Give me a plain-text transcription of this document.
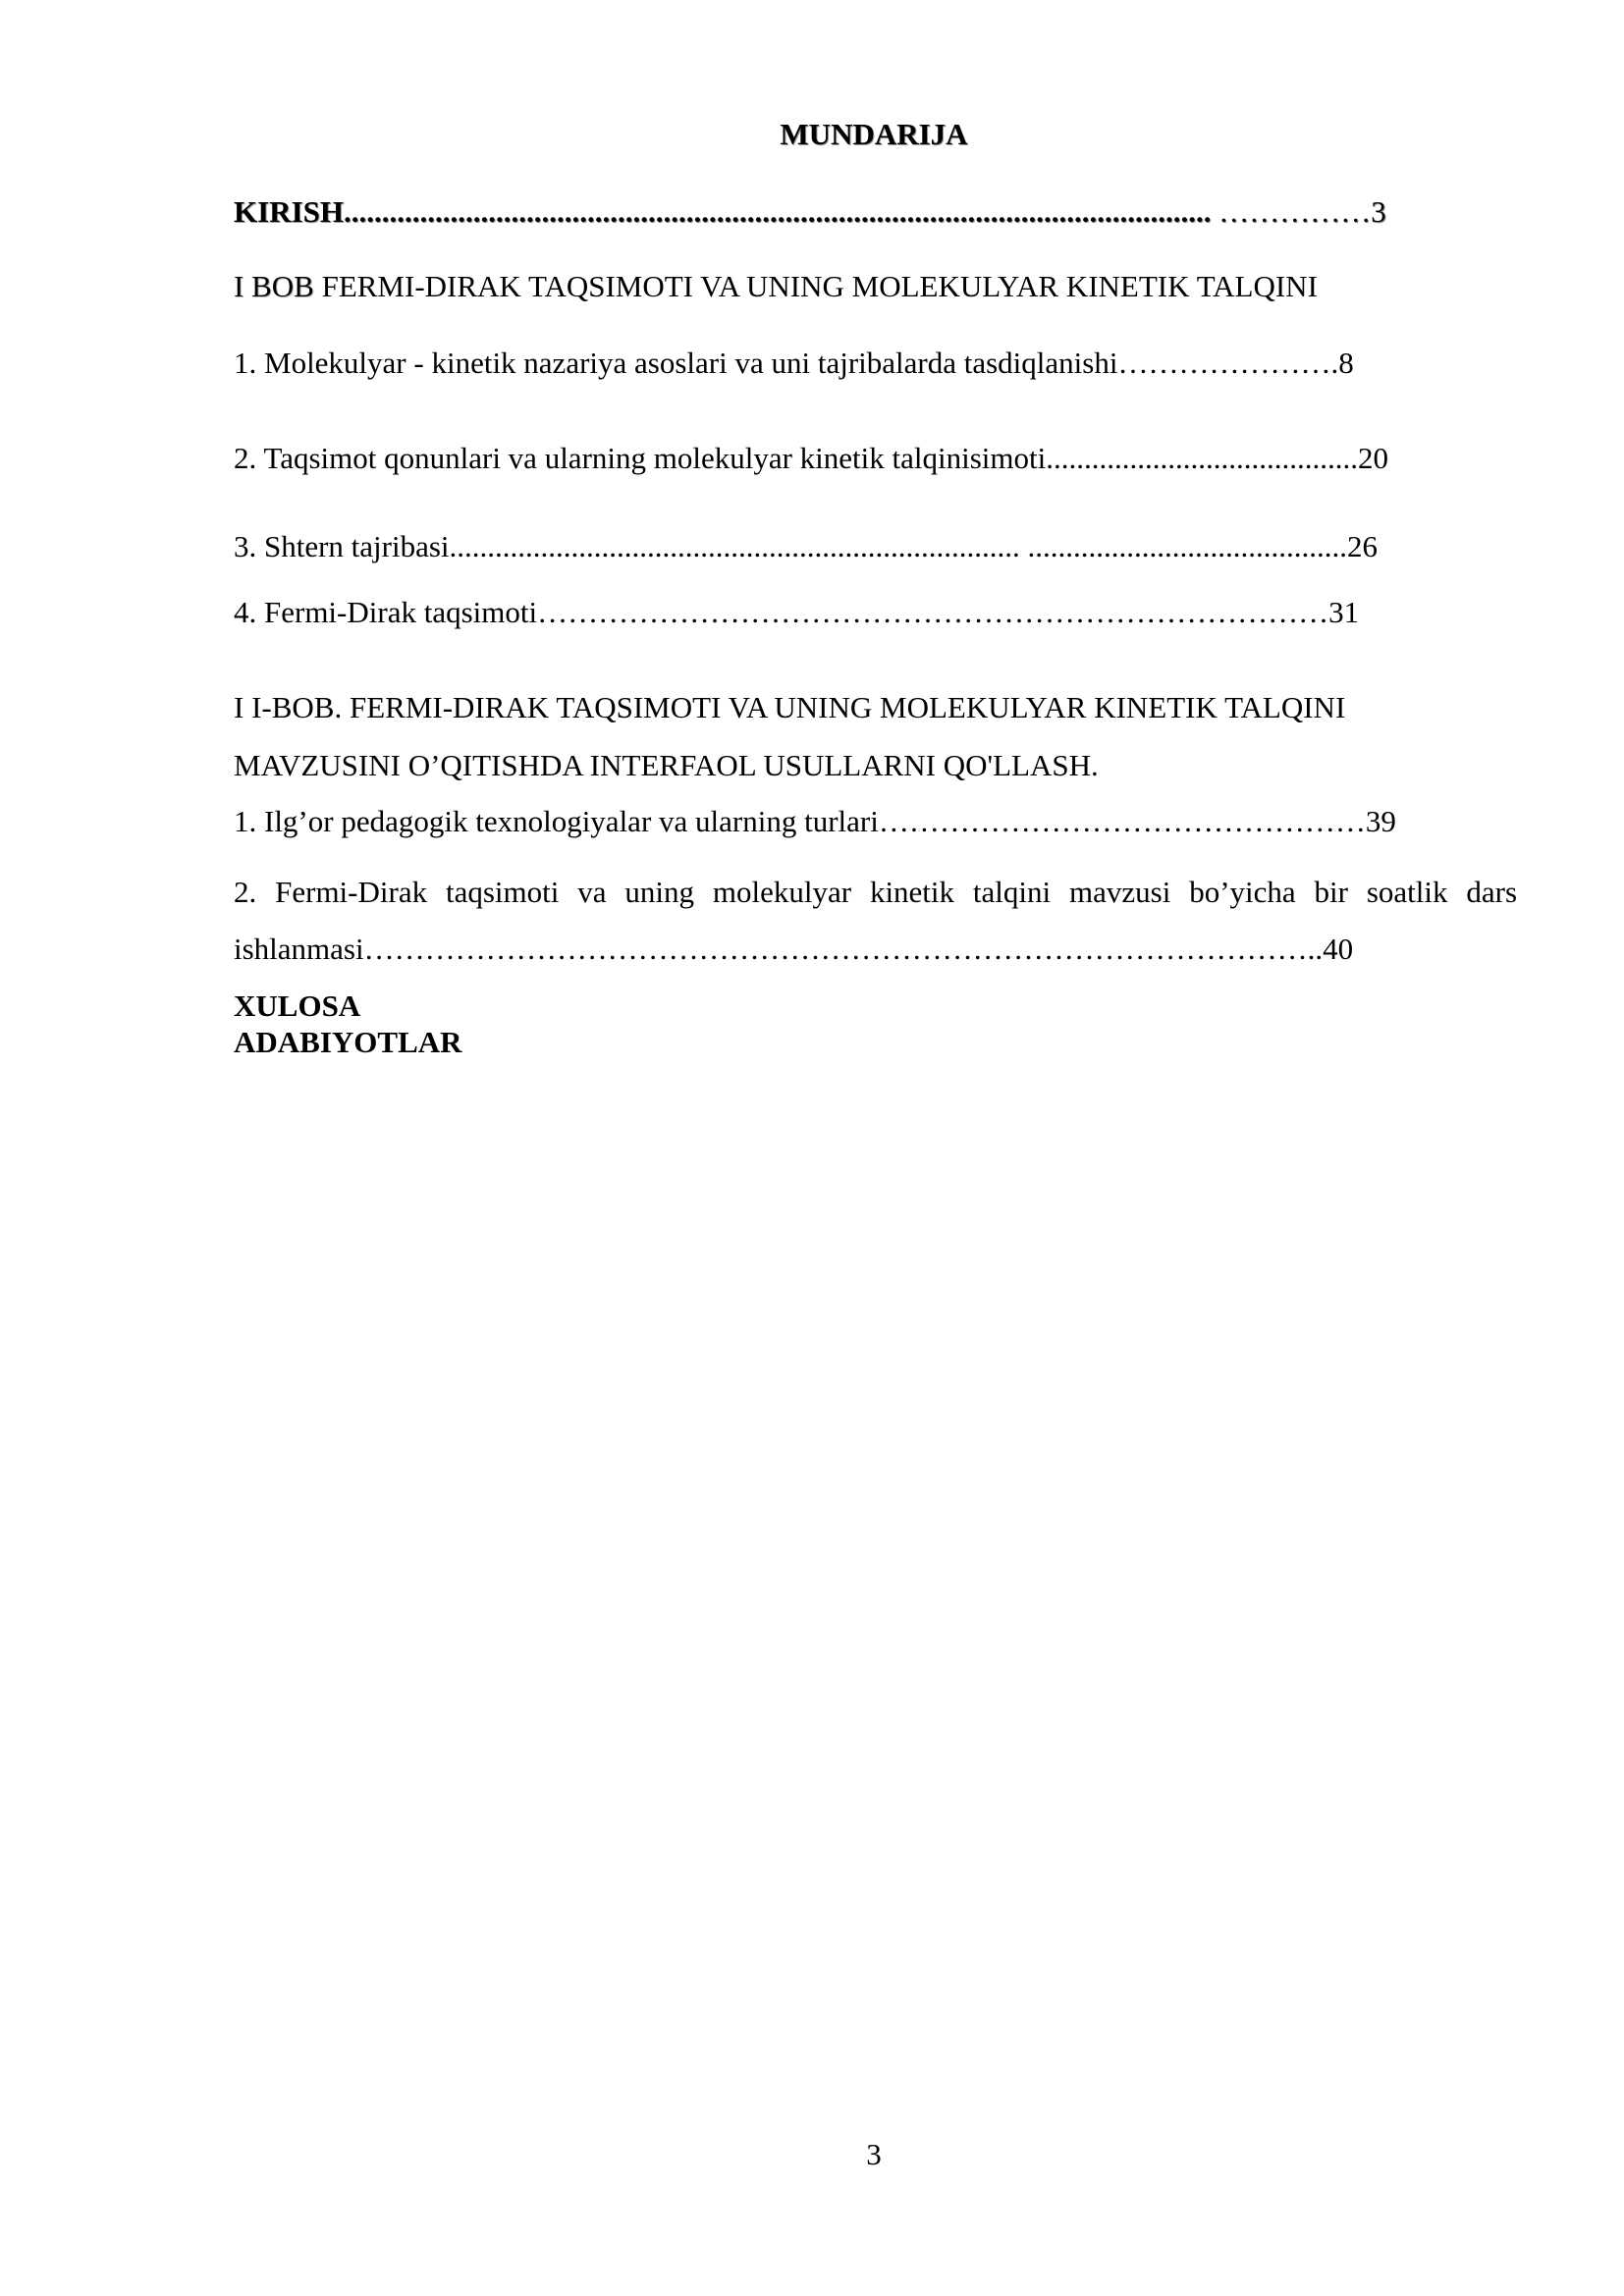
MUNDARIJA
KIRISH.................................................................................................................. ……………3
I BOB FERMI-DIRAK TAQSIMOTI VA UNING MOLEKULYAR KINETIK TALQINI
1. Molekulyar - kinetik nazariya asoslari va uni tajribalarda tasdiqlanishi………………….8
2. Taqsimot qonunlari va ularning molekulyar kinetik talqinisimoti.........................................20
3. Shtern tajribasi........................................................................... ..........................................26
4. Fermi-Dirak taqsimoti……………………………………………………………………31
I I-BOB. FERMI-DIRAK TAQSIMOTI VA UNING MOLEKULYAR KINETIK TALQINI
MAVZUSINI O’QITISHDA INTERFAOL USULLARNI QO'LLASH.
1. Ilg’or pedagogik texnologiyalar va ularning turlari…………………………………………39
2. Fermi-Dirak taqsimoti va uning molekulyar kinetik talqini mavzusi bo’yicha bir soatlik dars
ishlanmasi…………………………………………………………………………………..40
XULOSA
ADABIYOTLAR
3
